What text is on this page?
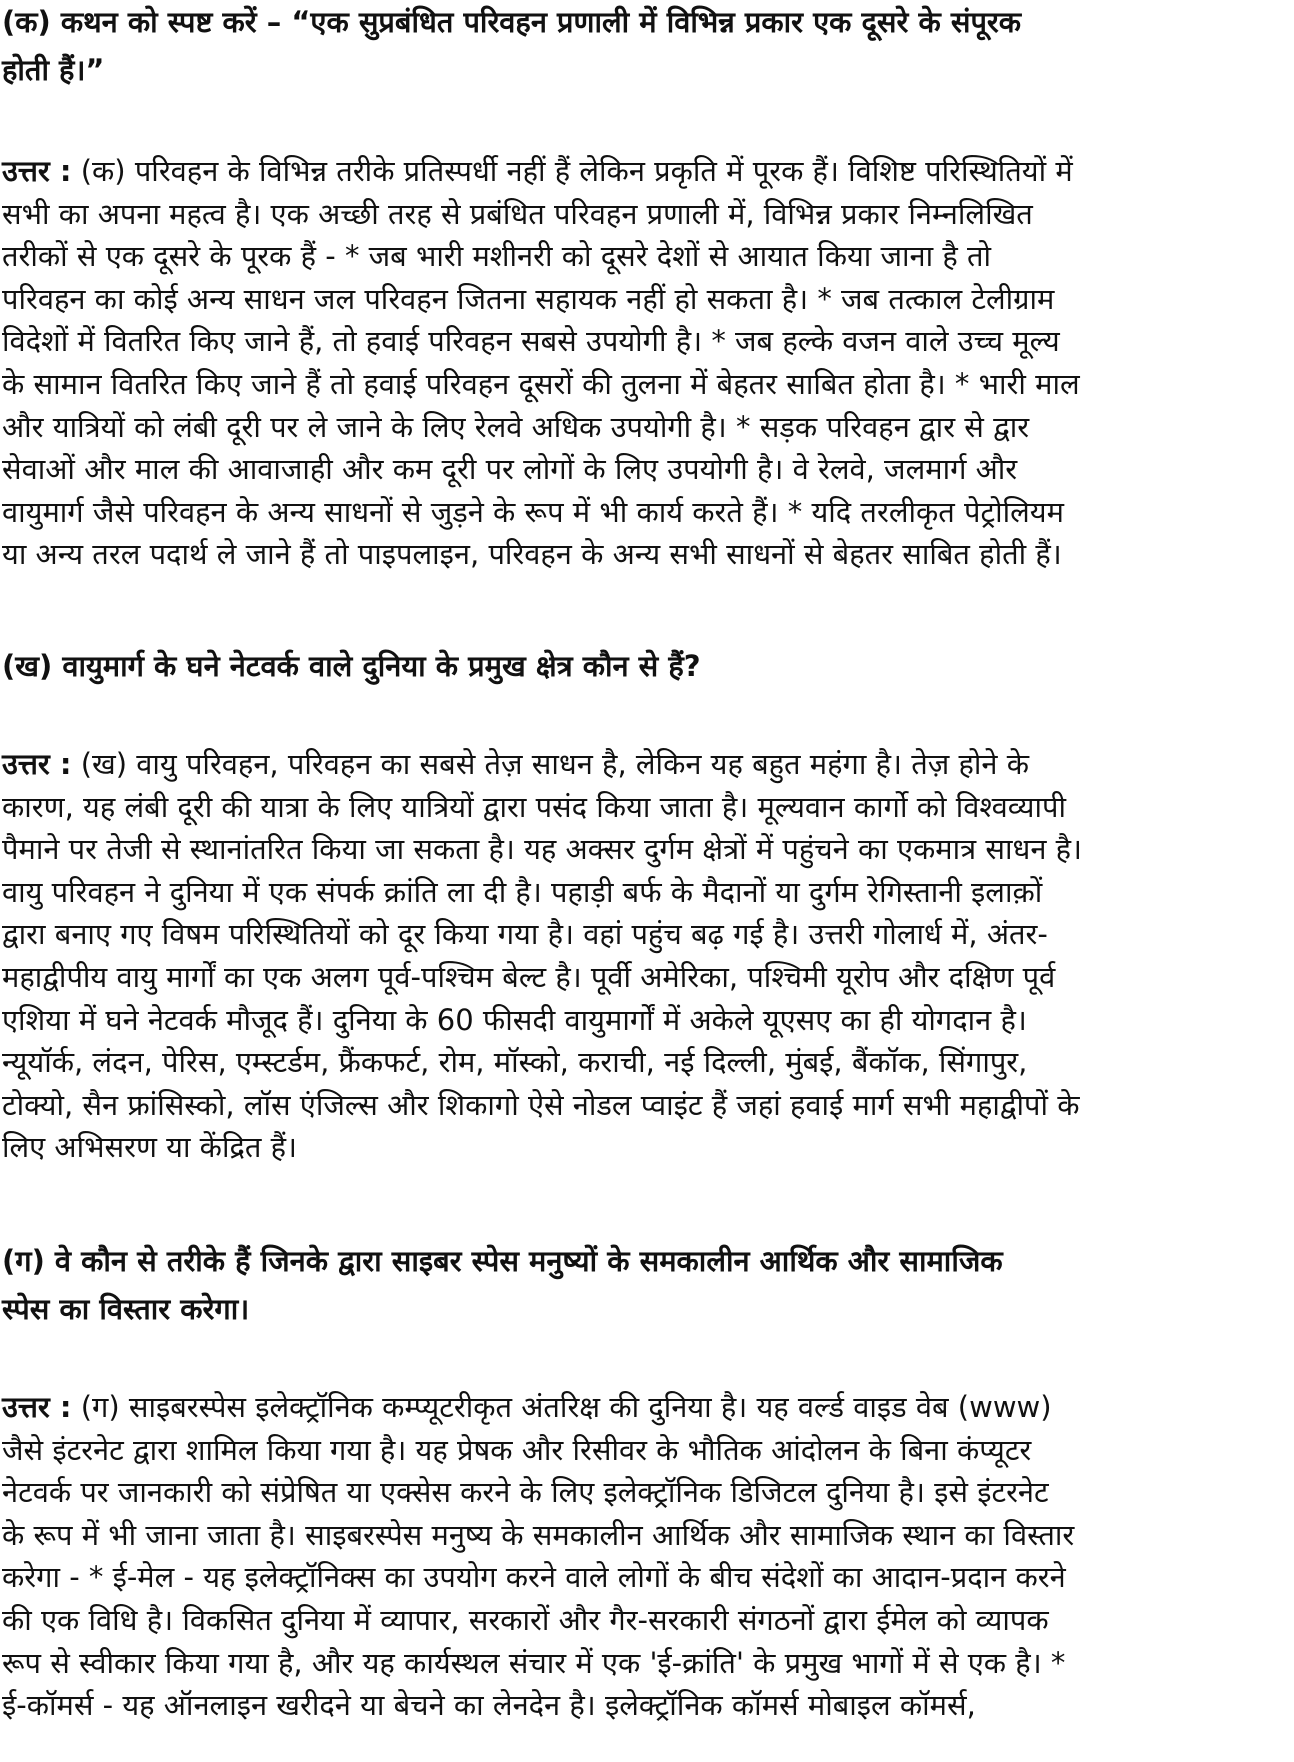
(क) कथन को स्पष्ट करें – “एक सुप्रबंधित परिवहन प्रणाली में विभिन्न प्रकार एक दूसरे के संपूरक
होती हैं।”
उत्तर : (क) परिवहन के विभिन्न तरीके प्रतिस्पर्धी नहीं हैं लेकिन प्रकृति में पूरक हैं। विशिष्ट परिस्थितियों में
सभी का अपना महत्व है। एक अच्छी तरह से प्रबंधित परिवहन प्रणाली में, विभिन्न प्रकार निम्नलिखित
तरीकों से एक दूसरे के पूरक हैं - * जब भारी मशीनरी को दूसरे देशों से आयात किया जाना है तो
परिवहन का कोई अन्य साधन जल परिवहन जितना सहायक नहीं हो सकता है। * जब तत्काल टेलीग्राम
विदेशों में वितरित किए जाने हैं, तो हवाई परिवहन सबसे उपयोगी है। * जब हल्के वजन वाले उच्च मूल्य
के सामान वितरित किए जाने हैं तो हवाई परिवहन दूसरों की तुलना में बेहतर साबित होता है। * भारी माल
और यात्रियों को लंबी दूरी पर ले जाने के लिए रेलवे अधिक उपयोगी है। * सड़क परिवहन द्वार से द्वार
सेवाओं और माल की आवाजाही और कम दूरी पर लोगों के लिए उपयोगी है। वे रेलवे, जलमार्ग और
वायुमार्ग जैसे परिवहन के अन्य साधनों से जुड़ने के रूप में भी कार्य करते हैं। * यदि तरलीकृत पेट्रोलियम
या अन्य तरल पदार्थ ले जाने हैं तो पाइपलाइन, परिवहन के अन्य सभी साधनों से बेहतर साबित होती हैं।
(ख) वायुमार्ग के घने नेटवर्क वाले दुनिया के प्रमुख क्षेत्र कौन से हैं?
उत्तर : (ख) वायु परिवहन, परिवहन का सबसे तेज़ साधन है, लेकिन यह बहुत महंगा है। तेज़ होने के
कारण, यह लंबी दूरी की यात्रा के लिए यात्रियों द्वारा पसंद किया जाता है। मूल्यवान कार्गो को विश्वव्यापी
पैमाने पर तेजी से स्थानांतरित किया जा सकता है। यह अक्सर दुर्गम क्षेत्रों में पहुंचने का एकमात्र साधन है।
वायु परिवहन ने दुनिया में एक संपर्क क्रांति ला दी है। पहाड़ी बर्फ के मैदानों या दुर्गम रेगिस्तानी इलाक़ों
द्वारा बनाए गए विषम परिस्थितियों को दूर किया गया है। वहां पहुंच बढ़ गई है। उत्तरी गोलार्ध में, अंतर-
महाद्वीपीय वायु मार्गों का एक अलग पूर्व-पश्चिम बेल्ट है। पूर्वी अमेरिका, पश्चिमी यूरोप और दक्षिण पूर्व
एशिया में घने नेटवर्क मौजूद हैं। दुनिया के 60 फीसदी वायुमार्गों में अकेले यूएसए का ही योगदान है।
न्यूयॉर्क, लंदन, पेरिस, एम्स्टर्डम, फ्रैंकफर्ट, रोम, मॉस्को, कराची, नई दिल्ली, मुंबई, बैंकॉक, सिंगापुर,
टोक्यो, सैन फ्रांसिस्को, लॉस एंजिल्स और शिकागो ऐसे नोडल प्वाइंट हैं जहां हवाई मार्ग सभी महाद्वीपों के
लिए अभिसरण या केंद्रित हैं।
(ग) वे कौन से तरीके हैं जिनके द्वारा साइबर स्पेस मनुष्यों के समकालीन आर्थिक और सामाजिक
स्पेस का विस्तार करेगा।
उत्तर : (ग) साइबरस्पेस इलेक्ट्रॉनिक कम्प्यूटरीकृत अंतरिक्ष की दुनिया है। यह वर्ल्ड वाइड वेब (www)
जैसे इंटरनेट द्वारा शामिल किया गया है। यह प्रेषक और रिसीवर के भौतिक आंदोलन के बिना कंप्यूटर
नेटवर्क पर जानकारी को संप्रेषित या एक्सेस करने के लिए इलेक्ट्रॉनिक डिजिटल दुनिया है। इसे इंटरनेट
के रूप में भी जाना जाता है। साइबरस्पेस मनुष्य के समकालीन आर्थिक और सामाजिक स्थान का विस्तार
करेगा - * ई-मेल - यह इलेक्ट्रॉनिक्स का उपयोग करने वाले लोगों के बीच संदेशों का आदान-प्रदान करने
की एक विधि है। विकसित दुनिया में व्यापार, सरकारों और गैर-सरकारी संगठनों द्वारा ईमेल को व्यापक
रूप से स्वीकार किया गया है, और यह कार्यस्थल संचार में एक 'ई-क्रांति' के प्रमुख भागों में से एक है। *
ई-कॉमर्स - यह ऑनलाइन खरीदने या बेचने का लेनदेन है। इलेक्ट्रॉनिक कॉमर्स मोबाइल कॉमर्स,
